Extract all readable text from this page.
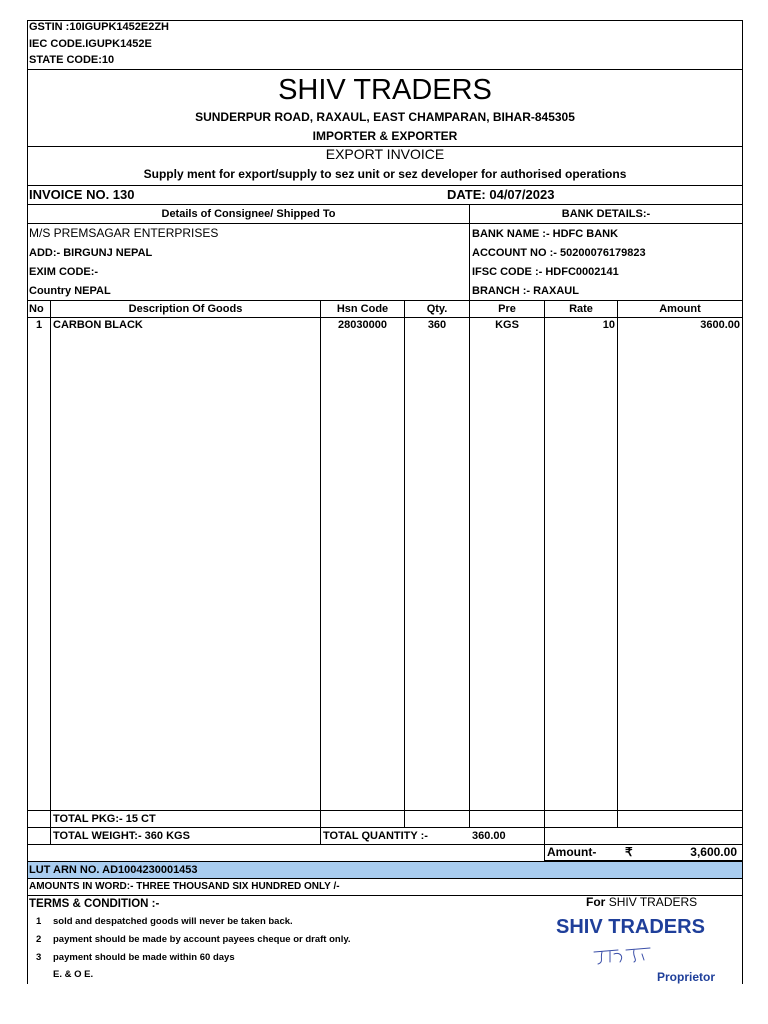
GSTIN :10IGUPK1452E2ZH
IEC CODE.IGUPK1452E
STATE CODE:10
SHIV TRADERS
SUNDERPUR ROAD, RAXAUL, EAST CHAMPARAN, BIHAR-845305
IMPORTER & EXPORTER
EXPORT INVOICE
Supply ment for export/supply to sez unit or sez developer for authorised operations
INVOICE NO. 130	DATE: 04/07/2023
Details of Consignee/ Shipped To
M/S PREMSAGAR ENTERPRISES
ADD:- BIRGUNJ NEPAL
EXIM CODE:-
Country NEPAL
BANK DETAILS:-
BANK NAME :- HDFC BANK
ACCOUNT NO :- 50200076179823
IFSC CODE :- HDFC0002141
BRANCH :- RAXAUL
No	Description Of Goods	Hsn Code	Qty.	Pre	Rate	Amount
1 CARBON BLACK	28030000	360	KGS	10	3600.00
TOTAL PKG:- 15 CT
TOTAL WEIGHT:- 360 KGS	TOTAL QUANTITY :-	360.00
Amount- ₹	3,600.00
LUT ARN NO. AD1004230001453
AMOUNTS IN WORD:- THREE THOUSAND SIX HUNDRED ONLY /-
TERMS & CONDITION :-
1 sold and despatched goods will never be taken back.
2 payment should be made by account payees cheque or draft only.
3 payment should be made within 60 days
E. & O E.
For SHIV TRADERS
SHIV TRADERS
Proprietor
